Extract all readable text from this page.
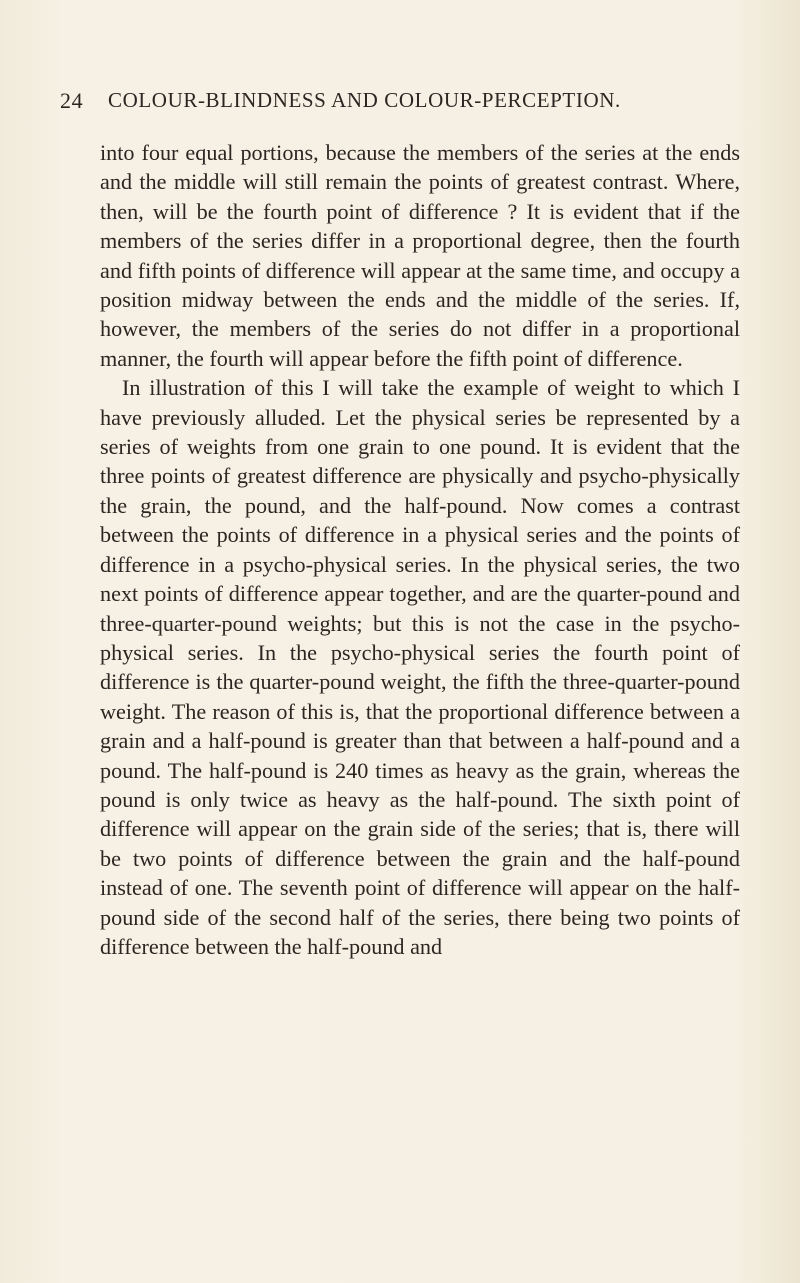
24 COLOUR-BLINDNESS AND COLOUR-PERCEPTION.

into four equal portions, because the members of the series at the ends and the middle will still remain the points of greatest contrast. Where, then, will be the fourth point of difference ? It is evident that if the members of the series differ in a proportional degree, then the fourth and fifth points of difference will appear at the same time, and occupy a position midway between the ends and the middle of the series. If, however, the members of the series do not differ in a proportional manner, the fourth will appear before the fifth point of difference.

In illustration of this I will take the example of weight to which I have previously alluded. Let the physical series be represented by a series of weights from one grain to one pound. It is evident that the three points of greatest difference are physically and psycho-physically the grain, the pound, and the half-pound. Now comes a contrast between the points of difference in a physical series and the points of difference in a psycho-physical series. In the physical series, the two next points of difference appear together, and are the quarter-pound and three-quarter-pound weights; but this is not the case in the psycho-physical series. In the psycho-physical series the fourth point of difference is the quarter-pound weight, the fifth the three-quarter-pound weight. The reason of this is, that the proportional difference between a grain and a half-pound is greater than that between a half-pound and a pound. The half-pound is 240 times as heavy as the grain, whereas the pound is only twice as heavy as the half-pound. The sixth point of difference will appear on the grain side of the series; that is, there will be two points of difference between the grain and the half-pound instead of one. The seventh point of difference will appear on the half-pound side of the second half of the series, there being two points of difference between the half-pound and
